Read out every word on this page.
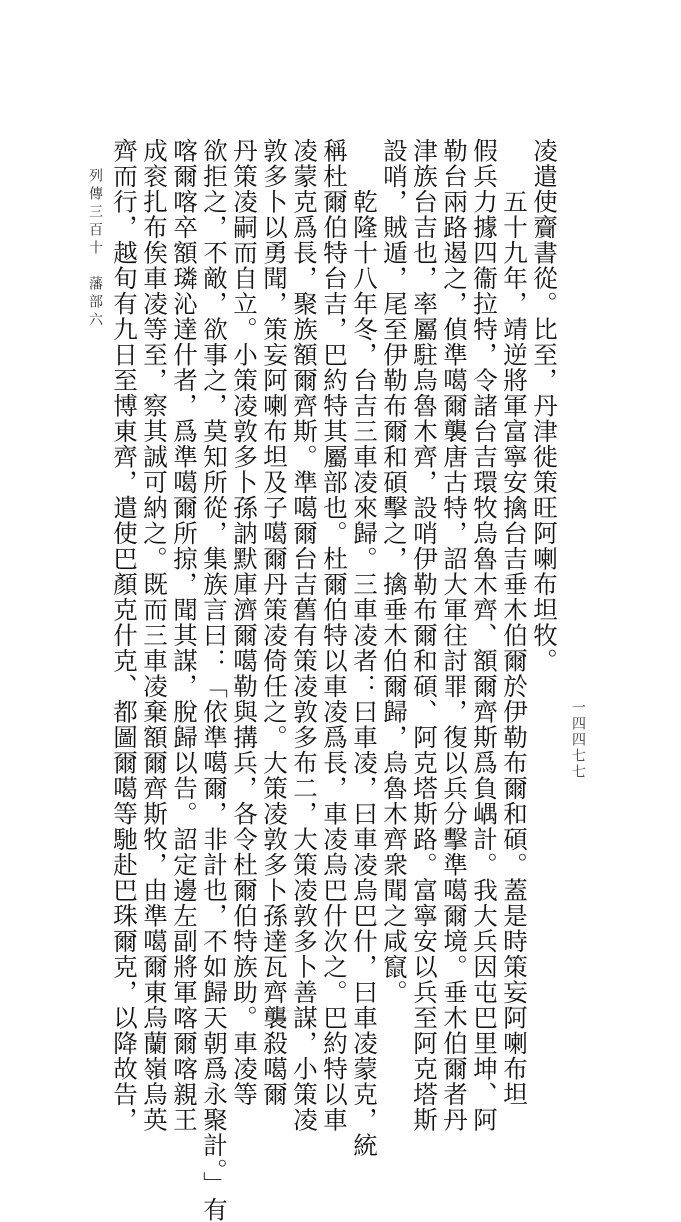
列傳三百十　藩部六
一四四七七
凌遣使齎書從。比至，丹津徙策旺阿喇布坦牧。
五十九年，靖逆將軍富寧安擒台吉垂木伯爾於伊勒布爾和碩。蓋是時策妄阿喇布坦
假兵力據四衞拉特，令諸台吉環牧烏魯木齊、額爾齊斯爲負嵎計。我大兵因屯巴里坤、阿
勒台兩路遏之，偵準噶爾襲唐古特，詔大軍往討罪，復以兵分擊準噶爾境。垂木伯爾者丹
津族台吉也，率屬駐烏魯木齊，設哨伊勒布爾和碩、阿克塔斯路。富寧安以兵至阿克塔斯
設哨，賊遁，尾至伊勒布爾和碩擊之，擒垂木伯爾歸，烏魯木齊衆聞之咸竄。
乾隆十八年冬，台吉三車凌來歸。三車凌者：曰車凌，曰車凌烏巴什，曰車凌蒙克，統
稱杜爾伯特台吉，巴約特其屬部也。杜爾伯特以車凌爲長，車凌烏巴什次之。巴約特以車
凌蒙克爲長，聚族額爾齊斯。準噶爾台吉舊有策凌敦多布二，大策凌敦多卜善謀，小策凌
敦多卜以勇聞，策妄阿喇布坦及子噶爾丹策凌倚任之。大策凌敦多卜孫達瓦齊襲殺噶爾
丹策凌嗣而自立。小策凌敦多卜孫訥默庫濟爾噶勒與搆兵，各令杜爾伯特族助。車凌等
欲拒之，不敵，欲事之，莫知所從，集族言曰：「依準噶爾，非計也，不如歸天朝爲永聚計。」有
喀爾喀卒額璘沁達什者，爲準噶爾所掠，聞其謀，脫歸以告。詔定邊左副將軍喀爾喀親王
成衮扎布俟車凌等至，察其誠可納之。既而三車凌棄額爾齊斯牧，由準噶爾東烏蘭嶺烏英
齊而行，越旬有九日至博東齊，遣使巴顏克什克、都圖爾噶等馳赴巴珠爾克，以降故告，
